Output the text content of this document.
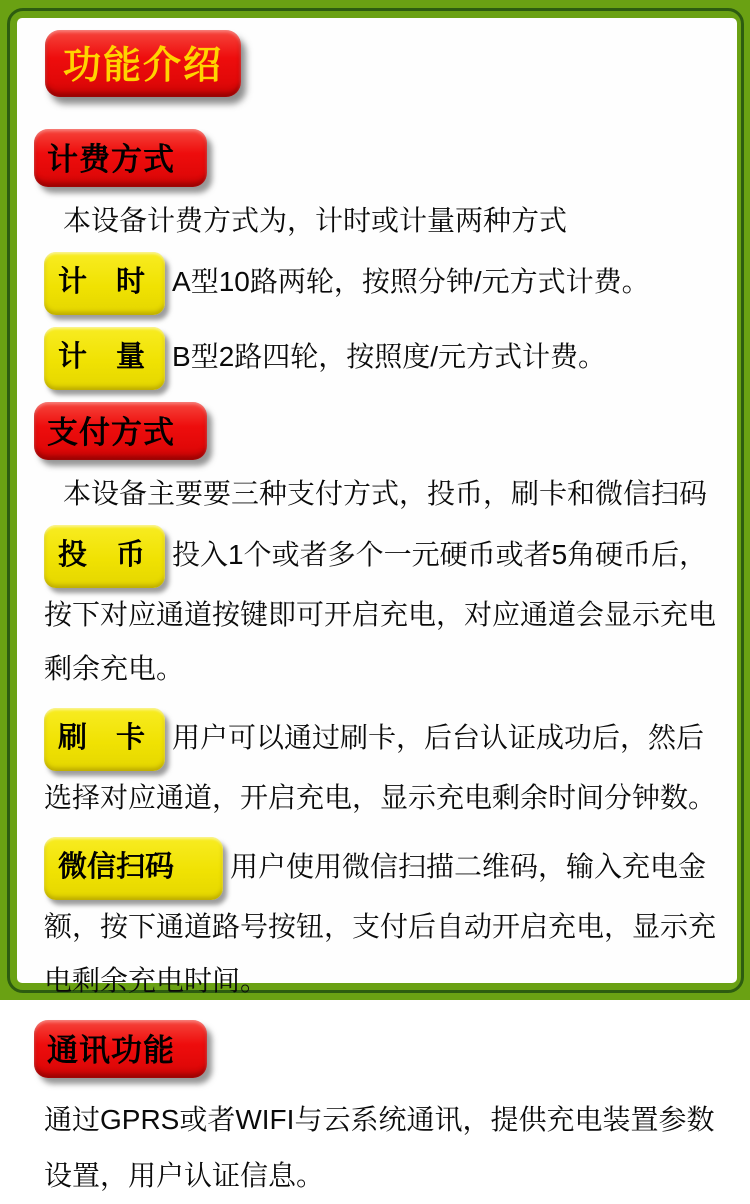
功能介绍
计费方式

本设备计费方式为，计时或计量两种方式

计　时 A型10路两轮，按照分钟/元方式计费。

计　量 B型2路四轮，按照度/元方式计费。

支付方式

本设备主要要三种支付方式，投币，刷卡和微信扫码

投　币 投入1个或者多个一元硬币或者5角硬币后，按下对应通道按键即可开启充电，对应通道会显示充电剩余充电。

刷　卡 用户可以通过刷卡，后台认证成功后，然后选择对应通道，开启充电，显示充电剩余时间分钟数。

微信扫码　用户使用微信扫描二维码，输入充电金额，按下通道路号按钮，支付后自动开启充电，显示充电剩余充电时间。

通讯功能

通过GPRS或者WIFI与云系统通讯，提供充电装置参数设置，用户认证信息。
